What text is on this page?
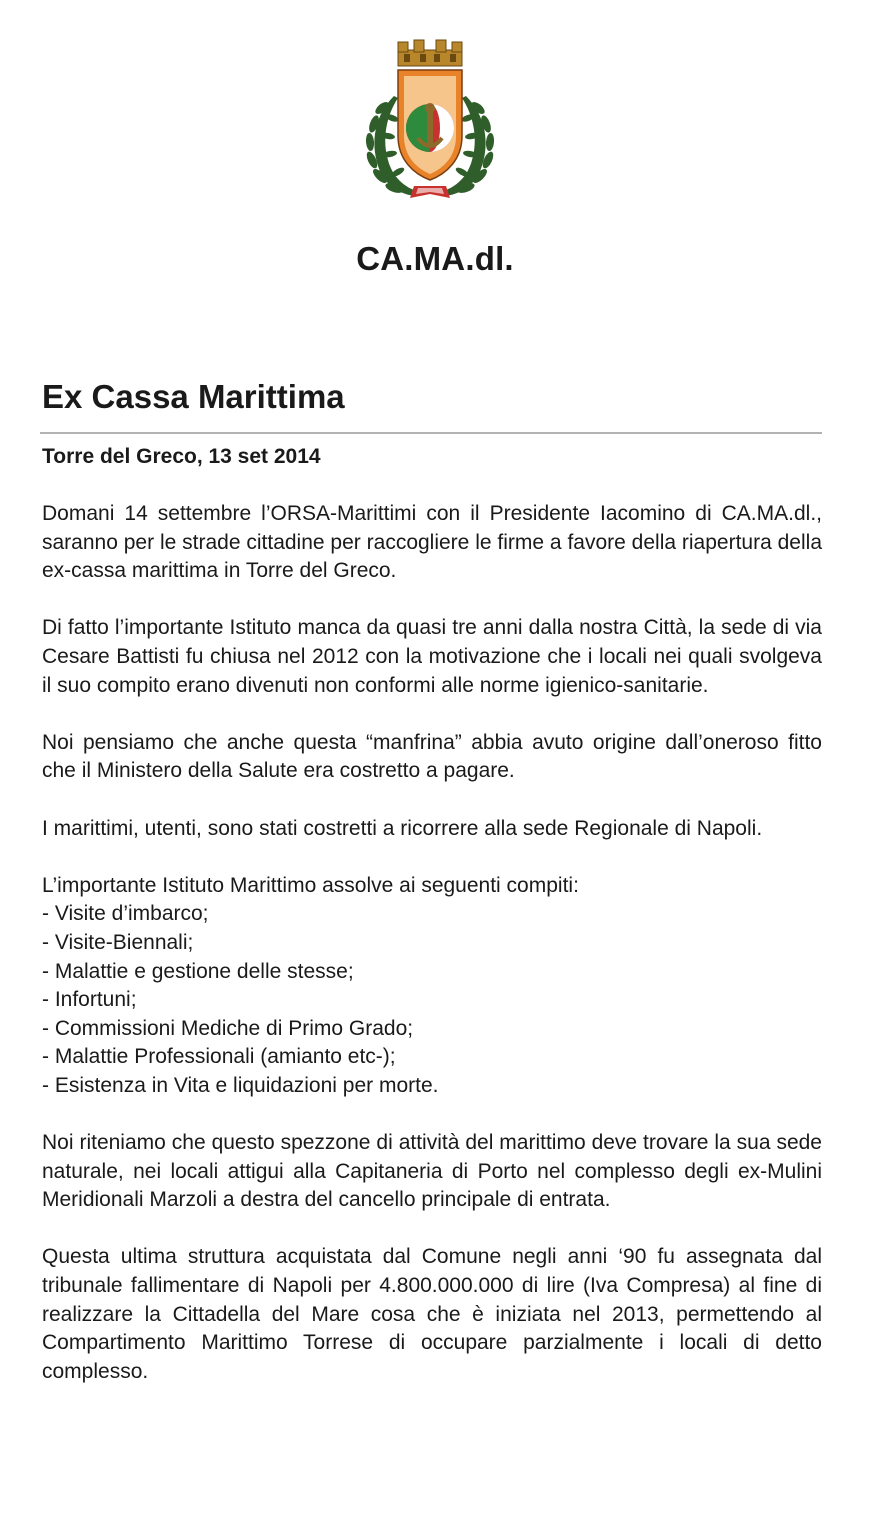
CA.MA.dl.
Ex Cassa Marittima
Torre del Greco, 13 set 2014

Domani 14 settembre l’ORSA-Marittimi con il Presidente Iacomino di CA.MA.dl., saranno per le strade cittadine per raccogliere le firme a favore della riapertura della ex-cassa marittima in Torre del Greco.

Di fatto l’importante Istituto manca da quasi tre anni dalla nostra Città, la sede di via Cesare Battisti fu chiusa nel 2012 con la motivazione che i locali nei quali svolgeva il suo compito erano divenuti non conformi alle norme igienico-sanitarie.

Noi pensiamo che anche questa “manfrina” abbia avuto origine dall’oneroso fitto che il Ministero della Salute era costretto a pagare.

I marittimi, utenti, sono stati costretti a ricorrere alla sede Regionale di Napoli.

L’importante Istituto Marittimo assolve ai seguenti compiti:
- Visite d’imbarco;
- Visite-Biennali;
- Malattie e gestione delle stesse;
- Infortuni;
- Commissioni Mediche di Primo Grado;
- Malattie Professionali (amianto etc-);
- Esistenza in Vita e liquidazioni per morte.

Noi riteniamo che questo spezzone di attività del marittimo deve trovare la sua sede naturale, nei locali attigui alla Capitaneria di Porto nel complesso degli ex-Mulini Meridionali Marzoli a destra del cancello principale di entrata.

Questa ultima struttura acquistata dal Comune negli anni ‘90 fu assegnata dal tribunale fallimentare di Napoli per 4.800.000.000 di lire (Iva Compresa) al fine di realizzare la Cittadella del Mare cosa che è iniziata nel 2013, permettendo al Compartimento Marittimo Torrese di occupare parzialmente i locali di detto complesso.
